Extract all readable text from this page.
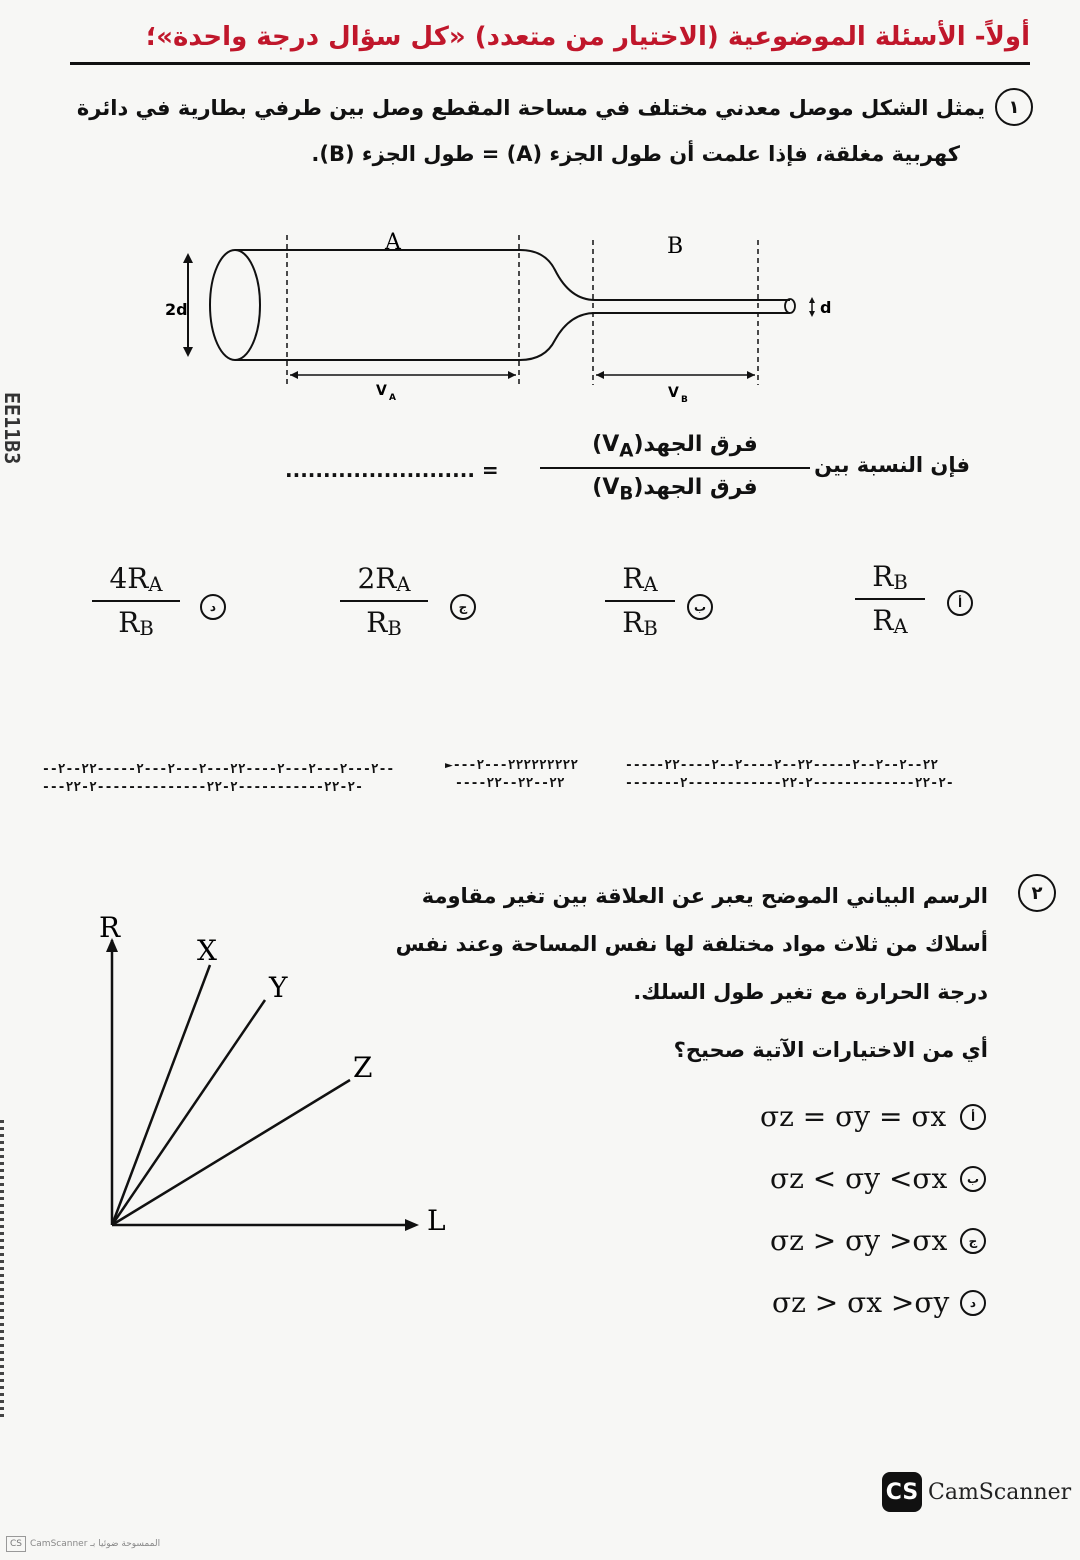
EE11B3
أولاً- الأسئلة الموضوعية (الاختيار من متعدد) «كل سؤال درجة واحدة»؛
١
يمثل الشكل موصل معدني مختلف في مساحة المقطع وصل بين طرفي بطارية في دائرة
كهربية مغلقة، فإذا علمت أن طول الجزء (A) = طول الجزء (B).
A	B
2d	d
V A	V B
فإن النسبة بين
فرق $الجهد(V_A)$
فرق $الجهد(V_B)$
= .........................
أ
$\frac{R_B}{R_A}$
ب
$\frac{R_A}{R_B}$
ج
$\frac{2R_A}{R_B}$
د
$\frac{4R_A}{R_B}$
-----٢٢--٢--٢--٢-----٢٢--٢----٢--٢----٢٢
-------٢-٢٢-------------٢-٢٢------------٢-
►---٢٢٢٢٢٢٢٢٢---٢
----٢٢--٢٢--٢٢
--٢---٢---٢---٢----٢٢---٢---٢---٢-----٢٢--٢--
---٢-٢٢-----------٢-٢٢--------------٢-٢٢-
٢
الرسم البياني الموضح يعبر عن العلاقة بين تغير مقاومة
أسلاك من ثلاث مواد مختلفة لها نفس المساحة وعند نفس
درجة الحرارة مع تغير طول السلك.
أي من الاختيارات الآتية صحيح؟
R
L
X
Y
Z
σz = σy = σx	أ
σz < σy <σx	ب
σz > σy >σx	ج
σz > σx >σy	د
CS CamScanner
CS CamScanner الممسوحة ضوئيا بـ
